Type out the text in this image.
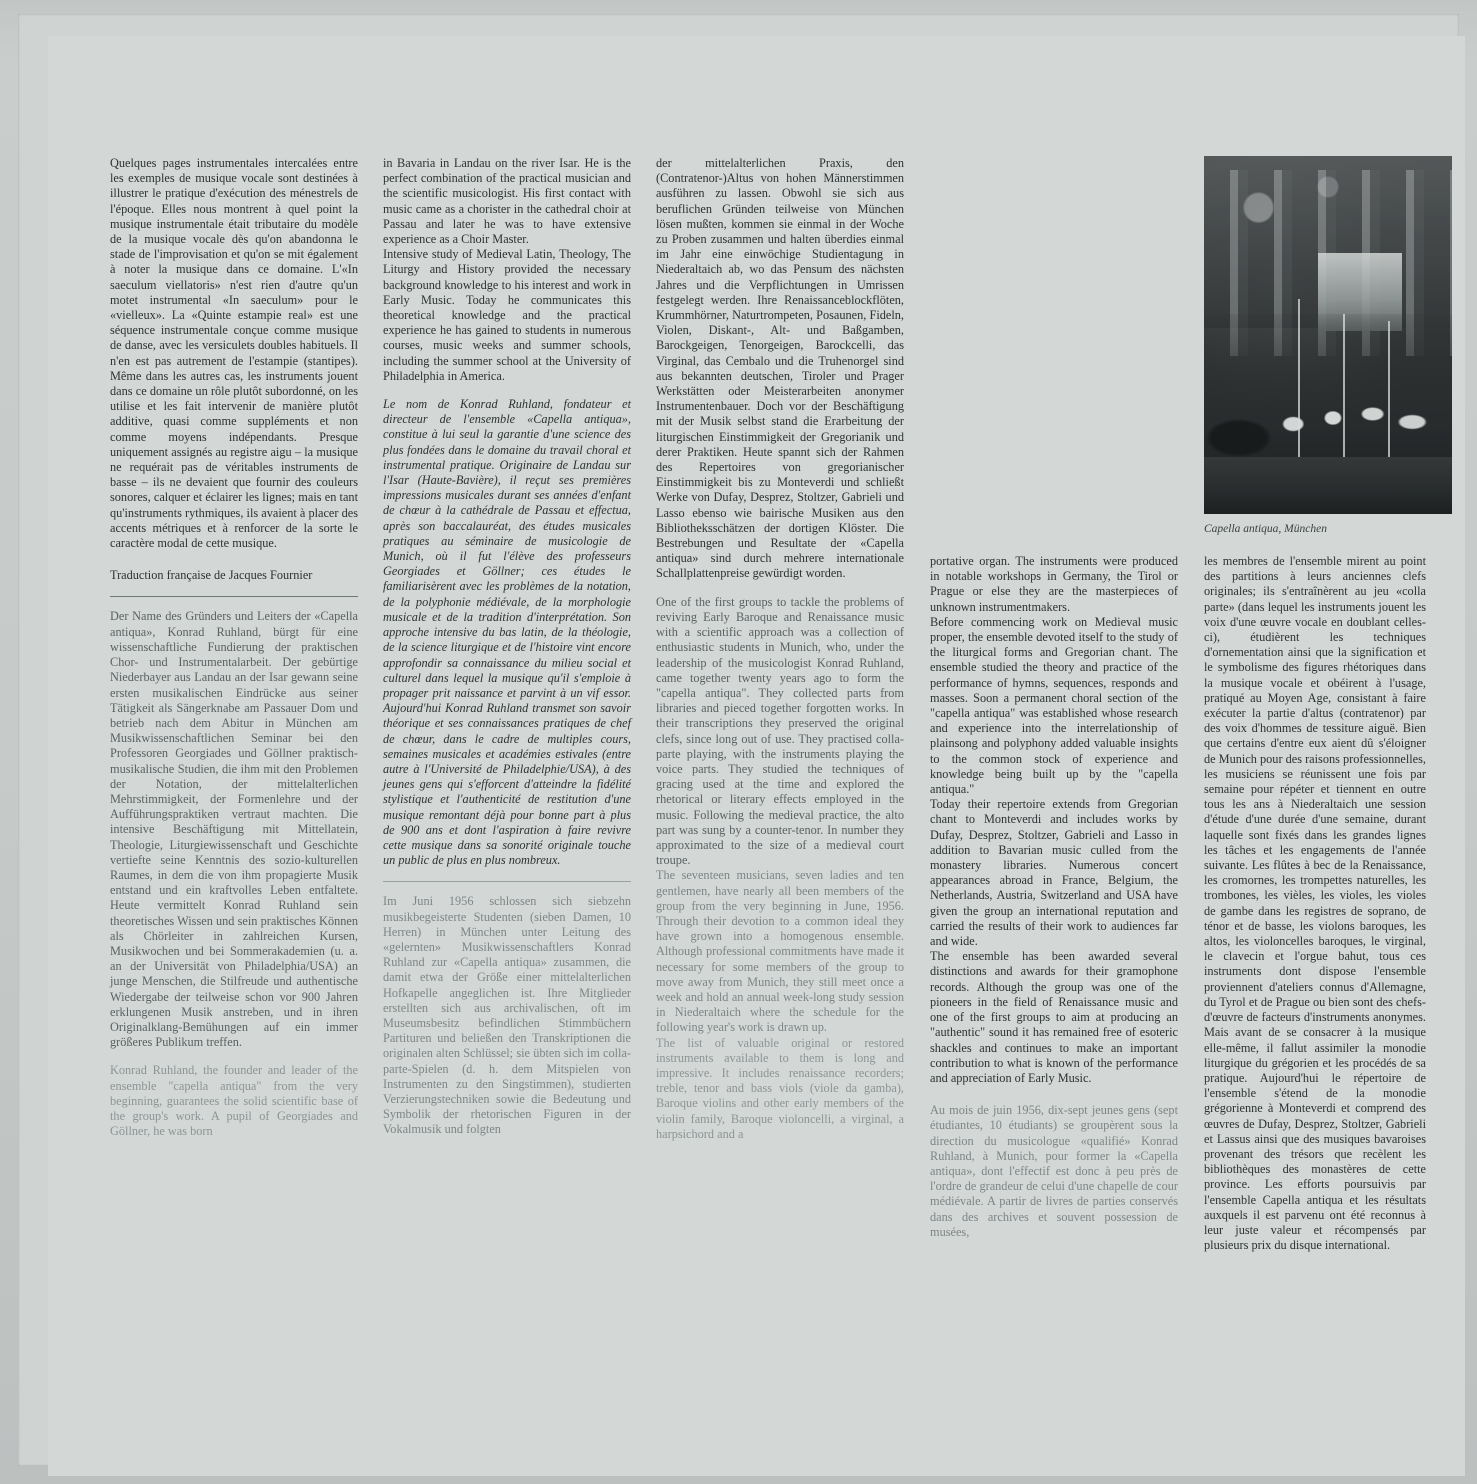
Quelques pages instrumentales intercalées entre les exemples de musique vocale sont destinées à illustrer le pratique d'exécution des ménestrels de l'époque. Elles nous montrent à quel point la musique instrumentale était tributaire du modèle de la musique vocale dès qu'on abandonna le stade de l'improvisation et qu'on se mit également à noter la musique dans ce domaine. L'«In saeculum viellatoris» n'est rien d'autre qu'un motet instrumental «In saeculum» pour le «vielleux». La «Quinte estampie real» est une séquence instrumentale conçue comme musique de danse, avec les versiculets doubles habituels. Il n'en est pas autrement de l'estampie (stantipes). Même dans les autres cas, les instruments jouent dans ce domaine un rôle plutôt subordonné, on les utilise et les fait intervenir de manière plutôt additive, quasi comme suppléments et non comme moyens indépendants. Presque uniquement assignés au registre aigu – la musique ne requérait pas de véritables instruments de basse – ils ne devaient que fournir des couleurs sonores, calquer et éclairer les lignes; mais en tant qu'instruments rythmiques, ils avaient à placer des accents métriques et à renforcer de la sorte le caractère modal de cette musique.

Traduction française de Jacques Fournier

Der Name des Gründers und Leiters der «Capella antiqua», Konrad Ruhland, bürgt für eine wissenschaftliche Fundierung der praktischen Chor- und Instrumentalarbeit. Der gebürtige Niederbayer aus Landau an der Isar gewann seine ersten musikalischen Eindrücke aus seiner Tätigkeit als Sängerknabe am Passauer Dom und betrieb nach dem Abitur in München am Musikwissenschaftlichen Seminar bei den Professoren Georgiades und Göllner praktisch-musikalische Studien, die ihm mit den Problemen der Notation, der mittelalterlichen Mehrstimmigkeit, der Formenlehre und der Aufführungspraktiken vertraut machten. Die intensive Beschäftigung mit Mittellatein, Theologie, Liturgiewissenschaft und Geschichte vertiefte seine Kenntnis des sozio-kulturellen Raumes, in dem die von ihm propagierte Musik entstand und ein kraftvolles Leben entfaltete. Heute vermittelt Konrad Ruhland sein theoretisches Wissen und sein praktisches Können als Chörleiter in zahlreichen Kursen, Musikwochen und bei Sommerakademien (u. a. an der Universität von Philadelphia/USA) an junge Menschen, die Stilfreude und authentische Wiedergabe der teilweise schon vor 900 Jahren erklungenen Musik anstreben, und in ihren Originalklang-Bemühungen auf ein immer größeres Publikum treffen.

Konrad Ruhland, the founder and leader of the ensemble "capella antiqua" from the very beginning, guarantees the solid scientific base of the group's work. A pupil of Georgiades and Göllner, he was born

in Bavaria in Landau on the river Isar. He is the perfect combination of the practical musician and the scientific musicologist. His first contact with music came as a chorister in the cathedral choir at Passau and later he was to have extensive experience as a Choir Master.

Intensive study of Medieval Latin, Theology, The Liturgy and History provided the necessary background knowledge to his interest and work in Early Music. Today he communicates this theoretical knowledge and the practical experience he has gained to students in numerous courses, music weeks and summer schools, including the summer school at the University of Philadelphia in America.

Le nom de Konrad Ruhland, fondateur et directeur de l'ensemble «Capella antiqua», constitue à lui seul la garantie d'une science des plus fondées dans le domaine du travail choral et instrumental pratique. Originaire de Landau sur l'Isar (Haute-Bavière), il reçut ses premières impressions musicales durant ses années d'enfant de chœur à la cathédrale de Passau et effectua, après son baccalauréat, des études musicales pratiques au séminaire de musicologie de Munich, où il fut l'élève des professeurs Georgiades et Göllner; ces études le familiarisèrent avec les problèmes de la notation, de la polyphonie médiévale, de la morphologie musicale et de la tradition d'interprétation. Son approche intensive du bas latin, de la théologie, de la science liturgique et de l'histoire vint encore approfondir sa connaissance du milieu social et culturel dans lequel la musique qu'il s'emploie à propager prit naissance et parvint à un vif essor. Aujourd'hui Konrad Ruhland transmet son savoir théorique et ses connaissances pratiques de chef de chœur, dans le cadre de multiples cours, semaines musicales et académies estivales (entre autre à l'Université de Philadelphie/USA), à des jeunes gens qui s'efforcent d'atteindre la fidélité stylistique et l'authenticité de restitution d'une musique remontant déjà pour bonne part à plus de 900 ans et dont l'aspiration à faire revivre cette musique dans sa sonorité originale touche un public de plus en plus nombreux.

Im Juni 1956 schlossen sich siebzehn musikbegeisterte Studenten (sieben Damen, 10 Herren) in München unter Leitung des «gelernten» Musikwissenschaftlers Konrad Ruhland zur «Capella antiqua» zusammen, die damit etwa der Größe einer mittelalterlichen Hofkapelle angeglichen ist. Ihre Mitglieder erstellten sich aus archivalischen, oft im Museumsbesitz befindlichen Stimmbüchern Partituren und beließen den Transkriptionen die originalen alten Schlüssel; sie übten sich im colla-parte-Spielen (d. h. dem Mitspielen von Instrumenten zu den Singstimmen), studierten Verzierungstechniken sowie die Bedeutung und Symbolik der rhetorischen Figuren in der Vokalmusik und folgten

der mittelalterlichen Praxis, den (Contratenor-)Altus von hohen Männerstimmen ausführen zu lassen. Obwohl sie sich aus beruflichen Gründen teilweise von München lösen mußten, kommen sie einmal in der Woche zu Proben zusammen und halten überdies einmal im Jahr eine einwöchige Studientagung in Niederaltaich ab, wo das Pensum des nächsten Jahres und die Verpflichtungen in Umrissen festgelegt werden. Ihre Renaissanceblockflöten, Krummhörner, Naturtrompeten, Posaunen, Fideln, Violen, Diskant-, Alt- und Baßgamben, Barockgeigen, Tenorgeigen, Barockcelli, das Virginal, das Cembalo und die Truhenorgel sind aus bekannten deutschen, Tiroler und Prager Werkstätten oder Meisterarbeiten anonymer Instrumentenbauer. Doch vor der Beschäftigung mit der Musik selbst stand die Erarbeitung der liturgischen Einstimmigkeit der Gregorianik und derer Praktiken. Heute spannt sich der Rahmen des Repertoires von gregorianischer Einstimmigkeit bis zu Monteverdi und schließt Werke von Dufay, Desprez, Stoltzer, Gabrieli und Lasso ebenso wie bairische Musiken aus den Bibliotheksschätzen der dortigen Klöster. Die Bestrebungen und Resultate der «Capella antiqua» sind durch mehrere internationale Schallplattenpreise gewürdigt worden.

One of the first groups to tackle the problems of reviving Early Baroque and Renaissance music with a scientific approach was a collection of enthusiastic students in Munich, who, under the leadership of the musicologist Konrad Ruhland, came together twenty years ago to form the "capella antiqua". They collected parts from libraries and pieced together forgotten works. In their transcriptions they preserved the original clefs, since long out of use. They practised colla-parte playing, with the instruments playing the voice parts. They studied the techniques of gracing used at the time and explored the rhetorical or literary effects employed in the music. Following the medieval practice, the alto part was sung by a counter-tenor. In number they approximated to the size of a medieval court troupe.

The seventeen musicians, seven ladies and ten gentlemen, have nearly all been members of the group from the very beginning in June, 1956. Through their devotion to a common ideal they have grown into a homogenous ensemble. Although professional commitments have made it necessary for some members of the group to move away from Munich, they still meet once a week and hold an annual week-long study session in Niederaltaich where the schedule for the following year's work is drawn up.

The list of valuable original or restored instruments available to them is long and impressive. It includes renaissance recorders; treble, tenor and bass viols (viole da gamba), Baroque violins and other early members of the violin family, Baroque violoncelli, a virginal, a harpsichord and a

portative organ. The instruments were produced in notable workshops in Germany, the Tirol or Prague or else they are the masterpieces of unknown instrumentmakers.

Before commencing work on Medieval music proper, the ensemble devoted itself to the study of the liturgical forms and Gregorian chant. The ensemble studied the theory and practice of the performance of hymns, sequences, responds and masses. Soon a permanent choral section of the "capella antiqua" was established whose research and experience into the interrelationship of plainsong and polyphony added valuable insights to the common stock of experience and knowledge being built up by the "capella antiqua."

Today their repertoire extends from Gregorian chant to Monteverdi and includes works by Dufay, Desprez, Stoltzer, Gabrieli and Lasso in addition to Bavarian music culled from the monastery libraries. Numerous concert appearances abroad in France, Belgium, the Netherlands, Austria, Switzerland and USA have given the group an international reputation and carried the results of their work to audiences far and wide.

The ensemble has been awarded several distinctions and awards for their gramophone records. Although the group was one of the pioneers in the field of Renaissance music and one of the first groups to aim at producing an "authentic" sound it has remained free of esoteric shackles and continues to make an important contribution to what is known of the performance and appreciation of Early Music.

Au mois de juin 1956, dix-sept jeunes gens (sept étudiantes, 10 étudiants) se groupèrent sous la direction du musicologue «qualifié» Konrad Ruhland, à Munich, pour former la «Capella antiqua», dont l'effectif est donc à peu près de l'ordre de grandeur de celui d'une chapelle de cour médiévale. A partir de livres de parties conservés dans des archives et souvent possession de musées,

les membres de l'ensemble mirent au point des partitions à leurs anciennes clefs originales; ils s'entraînèrent au jeu «colla parte» (dans lequel les instruments jouent les voix d'une œuvre vocale en doublant celles-ci), étudièrent les techniques d'ornementation ainsi que la signification et le symbolisme des figures rhétoriques dans la musique vocale et obéirent à l'usage, pratiqué au Moyen Age, consistant à faire exécuter la partie d'altus (contratenor) par des voix d'hommes de tessiture aiguë. Bien que certains d'entre eux aient dû s'éloigner de Munich pour des raisons professionnelles, les musiciens se réunissent une fois par semaine pour répéter et tiennent en outre tous les ans à Niederaltaich une session d'étude d'une durée d'une semaine, durant laquelle sont fixés dans les grandes lignes les tâches et les engagements de l'année suivante. Les flûtes à bec de la Renaissance, les cromornes, les trompettes naturelles, les trombones, les vièles, les violes, les violes de gambe dans les registres de soprano, de ténor et de basse, les violons baroques, les altos, les violoncelles baroques, le virginal, le clavecin et l'orgue bahut, tous ces instruments dont dispose l'ensemble proviennent d'ateliers connus d'Allemagne, du Tyrol et de Prague ou bien sont des chefs-d'œuvre de facteurs d'instruments anonymes. Mais avant de se consacrer à la musique elle-même, il fallut assimiler la monodie liturgique du grégorien et les procédés de sa pratique. Aujourd'hui le répertoire de l'ensemble s'étend de la monodie grégorienne à Monteverdi et comprend des œuvres de Dufay, Desprez, Stoltzer, Gabrieli et Lassus ainsi que des musiques bavaroises provenant des trésors que recèlent les bibliothèques des monastères de cette province. Les efforts poursuivis par l'ensemble Capella antiqua et les résultats auxquels il est parvenu ont été reconnus à leur juste valeur et récompensés par plusieurs prix du disque international.

Capella antiqua, München
